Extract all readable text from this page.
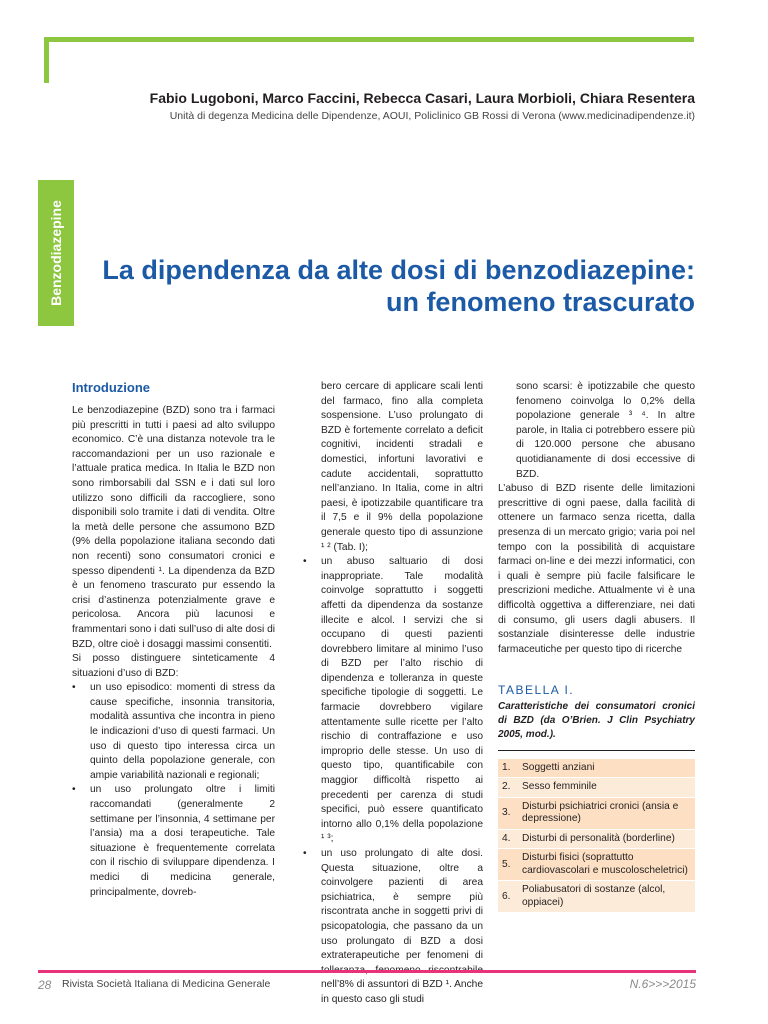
Fabio Lugoboni, Marco Faccini, Rebecca Casari, Laura Morbioli, Chiara Resentera
Unità di degenza Medicina delle Dipendenze, AOUI, Policlinico GB Rossi di Verona (www.medicinadipendenze.it)
Benzodiazepine La dipendenza da alte dosi di benzodiazepine:
un fenomeno trascurato
Introduzione

Le benzodiazepine (BZD) sono tra i farmaci più prescritti in tutti i paesi ad alto sviluppo economico. C’è una distanza notevole tra le raccomandazioni per un uso razionale e l’attuale pratica medica. In Italia le BZD non sono rimborsabili dal SSN e i dati sul loro utilizzo sono difficili da raccogliere, sono disponibili solo tramite i dati di vendita. Oltre la metà delle persone che assumono BZD (9% della popolazione italiana secondo dati non recenti) sono consumatori cronici e spesso dipendenti ¹. La dipendenza da BZD è un fenomeno trascurato pur essendo la crisi d’astinenza potenzialmente grave e pericolosa. Ancora più lacunosi e frammentari sono i dati sull’uso di alte dosi di BZD, oltre cioè i dosaggi massimi consentiti.

Si posso distinguere sinteticamente 4 situazioni d’uso di BZD:

• un uso episodico: momenti di stress da cause specifiche, insonnia transitoria, modalità assuntiva che incontra in pieno le indicazioni d’uso di questi farmaci. Un uso di questo tipo interessa circa un quinto della popolazione generale, con ampie variabilità nazionali e regionali;

• un uso prolungato oltre i limiti raccomandati (generalmente 2 settimane per l’insonnia, 4 settimane per l’ansia) ma a dosi terapeutiche. Tale situazione è frequentemente correlata con il rischio di sviluppare dipendenza. I medici di medicina generale, principalmente, dovreb-

bero cercare di applicare scali lenti del farmaco, fino alla completa sospensione. L’uso prolungato di BZD è fortemente correlato a deficit cognitivi, incidenti stradali e domestici, infortuni lavorativi e cadute accidentali, soprattutto nell’anziano. In Italia, come in altri paesi, è ipotizzabile quantificare tra il 7,5 e il 9% della popolazione generale questo tipo di assunzione ¹ ² (Tab. I);

• un abuso saltuario di dosi inappropriate. Tale modalità coinvolge soprattutto i soggetti affetti da dipendenza da sostanze illecite e alcol. I servizi che si occupano di questi pazienti dovrebbero limitare al minimo l’uso di BZD per l’alto rischio di dipendenza e tolleranza in queste specifiche tipologie di soggetti. Le farmacie dovrebbero vigilare attentamente sulle ricette per l’alto rischio di contraffazione e uso improprio delle stesse. Un uso di questo tipo, quantificabile con maggior difficoltà rispetto ai precedenti per carenza di studi specifici, può essere quantificato intorno allo 0,1% della popolazione ¹ ³;

• un uso prolungato di alte dosi. Questa situazione, oltre a coinvolgere pazienti di area psichiatrica, è sempre più riscontrata anche in soggetti privi di psicopatologia, che passano da un uso prolungato di BZD a dosi extraterapeutiche per fenomeni di nell’8% di assuntori di BZD ¹. Anche in questo caso gli studi

sono scarsi: è ipotizzabile che questo fenomeno coinvolga lo 0,2% della popolazione generale ³ ⁴. In altre parole, in Italia ci potrebbero essere più di 120.000 persone che abusano quotidianamente di dosi eccessive di BZD.

L’abuso di BZD risente delle limitazioni prescrittive di ogni paese, dalla facilità di ottenere un farmaco senza ricetta, dalla presenza di un mercato grigio; varia poi nel tempo con la possibilità di acquistare farmaci on-line e dei mezzi informatici, con i quali è sempre più facile falsificare le prescrizioni mediche. Attualmente vi è una difficoltà oggettiva a differenziare, nei dati di consumo, gli users dagli abusers. Il sostanziale disinteresse delle industrie farmaceutiche per questo tipo di ricerche

TABELLA I.
Caratteristiche dei consumatori cronici di BZD (da O’Brien. J Clin Psychiatry 2005, mod.).
1.	Soggetti anziani
2.	Sesso femminile
3.	Disturbi psichiatrici cronici (ansia e depressione)
4.	Disturbi di personalità (borderline)
5.	Disturbi fisici (soprattutto cardiovascolari e muscoloscheletrici)
6.	Poliabusatori di sostanze (alcol, oppiacei)
28 Rivista Società Italiana di Medicina Generale	N.6>>>2015
